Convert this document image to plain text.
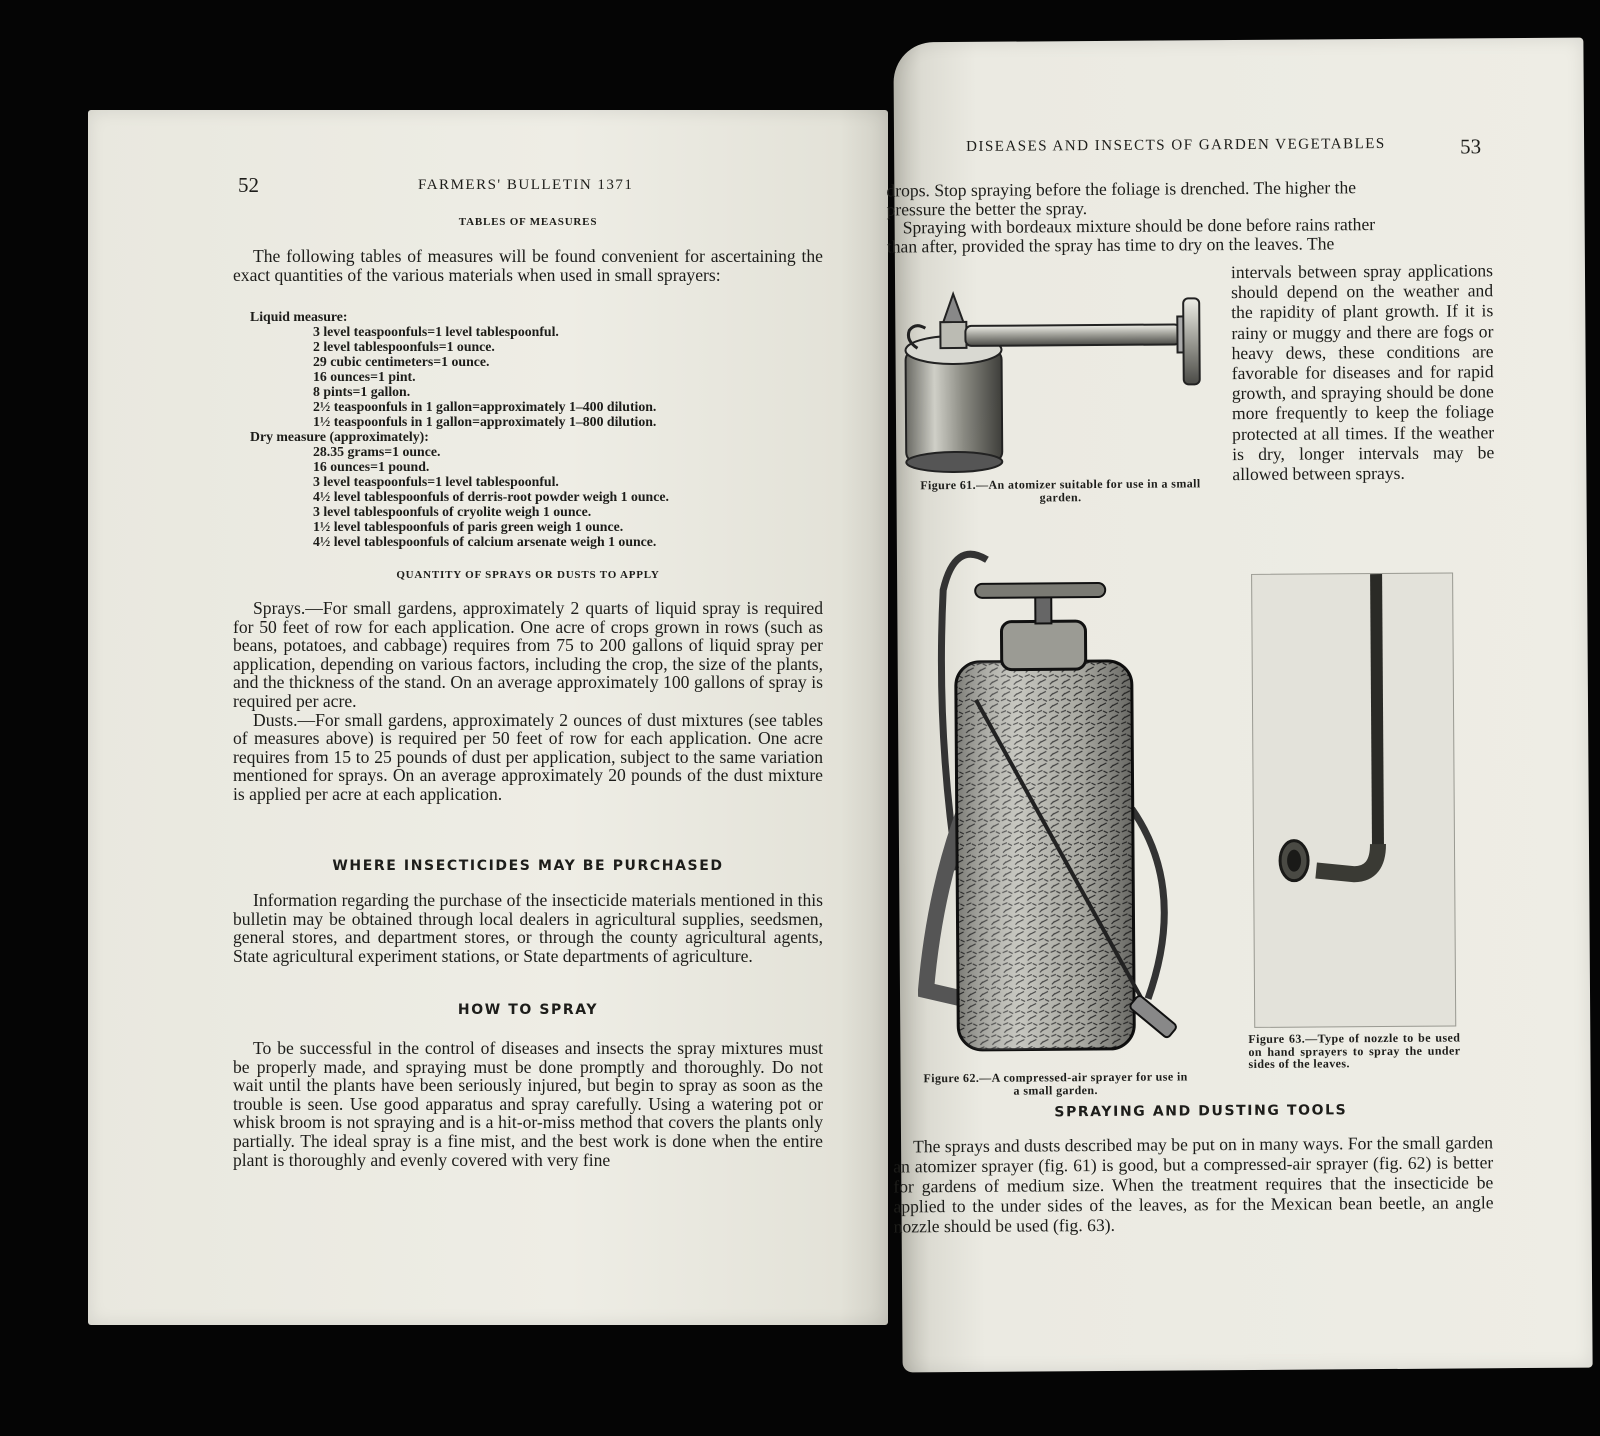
52	FARMERS' BULLETIN 1371
TABLES OF MEASURES

The following tables of measures will be found convenient for ascertaining the exact quantities of the various materials when used in small sprayers:

Liquid measure:
3 level teaspoonfuls=1 level tablespoonful.
2 level tablespoonfuls=1 ounce.
29 cubic centimeters=1 ounce.
16 ounces=1 pint.
8 pints=1 gallon.
2½ teaspoonfuls in 1 gallon=approximately 1–400 dilution.
1½ teaspoonfuls in 1 gallon=approximately 1–800 dilution.
Dry measure (approximately):
28.35 grams=1 ounce.
16 ounces=1 pound.
3 level teaspoonfuls=1 level tablespoonful.
4½ level tablespoonfuls of derris-root powder weigh 1 ounce.
3 level tablespoonfuls of cryolite weigh 1 ounce.
1½ level tablespoonfuls of paris green weigh 1 ounce.
4½ level tablespoonfuls of calcium arsenate weigh 1 ounce.
QUANTITY OF SPRAYS OR DUSTS TO APPLY

Sprays.—For small gardens, approximately 2 quarts of liquid spray is required for 50 feet of row for each application. One acre of crops grown in rows (such as beans, potatoes, and cabbage) requires from 75 to 200 gallons of liquid spray per application, depending on various factors, including the crop, the size of the plants, and the thickness of the stand. On an average approximately 100 gallons of spray is required per acre.

Dusts.—For small gardens, approximately 2 ounces of dust mixtures (see tables of measures above) is required per 50 feet of row for each application. One acre requires from 15 to 25 pounds of dust per application, subject to the same variation mentioned for sprays. On an average approximately 20 pounds of the dust mixture is applied per acre at each application.

WHERE INSECTICIDES MAY BE PURCHASED

Information regarding the purchase of the insecticide materials mentioned in this bulletin may be obtained through local dealers in agricultural supplies, seedsmen, general stores, and department stores, or through the county agricultural agents, State agricultural experiment stations, or State departments of agriculture.

HOW TO SPRAY

To be successful in the control of diseases and insects the spray mixtures must be properly made, and spraying must be done promptly and thoroughly. Do not wait until the plants have been seriously injured, but begin to spray as soon as the trouble is seen. Use good apparatus and spray carefully. Using a watering pot or whisk broom is not spraying and is a hit-or-miss method that covers the plants only partially. The ideal spray is a fine mist, and the best work is done when the entire plant is thoroughly and evenly covered with very fine

DISEASES AND INSECTS OF GARDEN VEGETABLES	53
drops. Stop spraying before the foliage is drenched. The higher the
pressure the better the spray.
Spraying with bordeaux mixture should be done before rains rather
than after, provided the spray has time to dry on the leaves. The
intervals between spray applications should depend on the weather and the rapidity of plant growth. If it is rainy or muggy and there are fogs or heavy dews, these conditions are favorable for diseases and for rapid growth, and spraying should be done more frequently to keep the foliage protected at all times. If the weather is dry, longer intervals may be allowed between sprays.
Figure 61.—An atomizer suitable for use in a small garden.
Figure 62.—A compressed-air sprayer for use in a small garden.
Figure 63.—Type of nozzle to be used on hand sprayers to spray the under sides of the leaves.
SPRAYING AND DUSTING TOOLS

The sprays and dusts described may be put on in many ways. For the small garden an atomizer sprayer (fig. 61) is good, but a compressed-air sprayer (fig. 62) is better for gardens of medium size. When the treatment requires that the insecticide be applied to the under sides of the leaves, as for the Mexican bean beetle, an angle nozzle should be used (fig. 63).
